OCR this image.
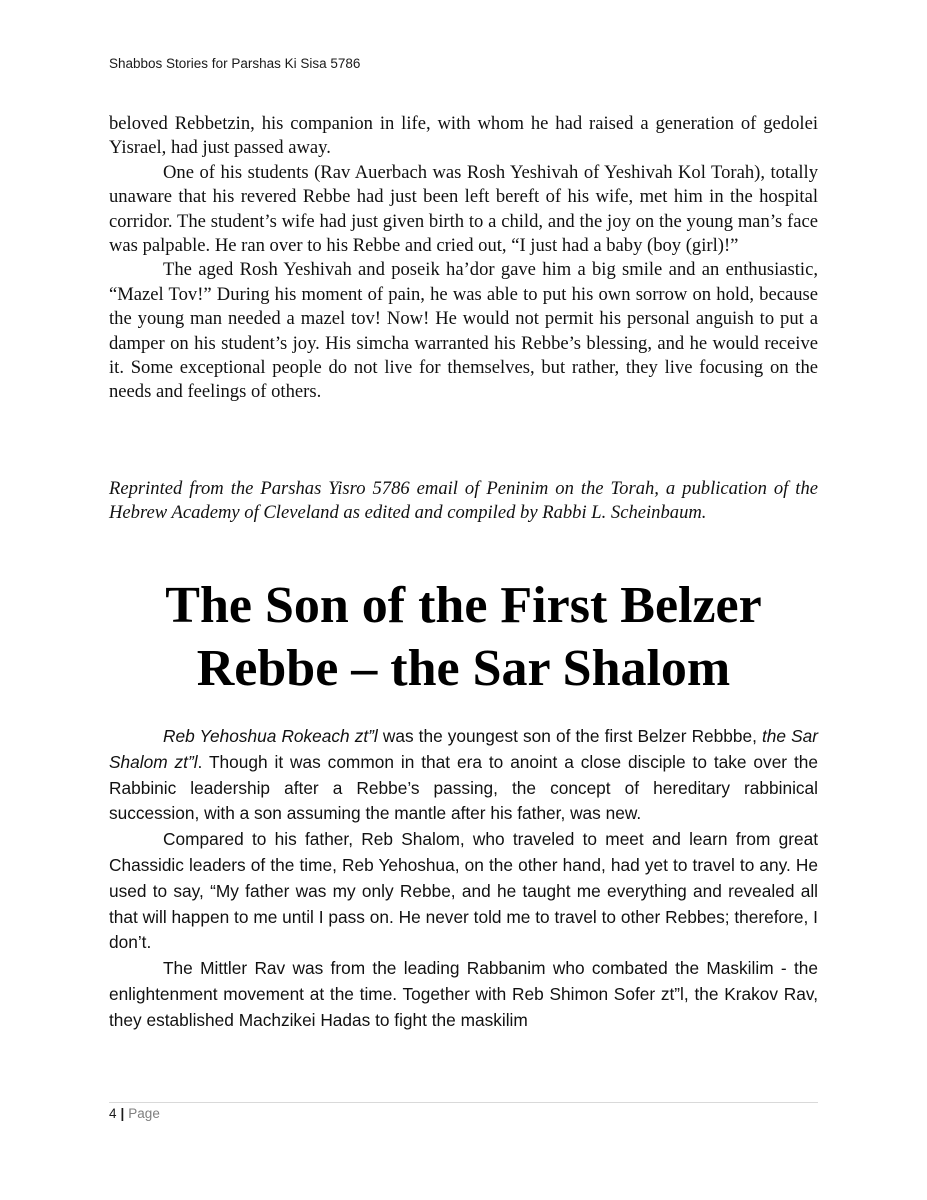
Shabbos Stories for Parshas Ki Sisa 5786

beloved Rebbetzin, his companion in life, with whom he had raised a generation of gedolei Yisrael, had just passed away.

One of his students (Rav Auerbach was Rosh Yeshivah of Yeshivah Kol Torah), totally unaware that his revered Rebbe had just been left bereft of his wife, met him in the hospital corridor. The student’s wife had just given birth to a child, and the joy on the young man’s face was palpable. He ran over to his Rebbe and cried out, “I just had a baby (boy (girl)!”

The aged Rosh Yeshivah and poseik ha’dor gave him a big smile and an enthusiastic, “Mazel Tov!” During his moment of pain, he was able to put his own sorrow on hold, because the young man needed a mazel tov! Now! He would not permit his personal anguish to put a damper on his student’s joy. His simcha warranted his Rebbe’s blessing, and he would receive it. Some exceptional people do not live for themselves, but rather, they live focusing on the needs and feelings of others.

Reprinted from the Parshas Yisro 5786 email of Peninim on the Torah, a publication of the Hebrew Academy of Cleveland as edited and compiled by Rabbi L. Scheinbaum.

The Son of the First Belzer Rebbe – the Sar Shalom

Reb Yehoshua Rokeach zt”l was the youngest son of the first Belzer Rebbbe, the Sar Shalom zt”l. Though it was common in that era to anoint a close disciple to take over the Rabbinic leadership after a Rebbe’s passing, the concept of hereditary rabbinical succession, with a son assuming the mantle after his father, was new.

Compared to his father, Reb Shalom, who traveled to meet and learn from great Chassidic leaders of the time, Reb Yehoshua, on the other hand, had yet to travel to any. He used to say, “My father was my only Rebbe, and he taught me everything and revealed all that will happen to me until I pass on. He never told me to travel to other Rebbes; therefore, I don’t.

The Mittler Rav was from the leading Rabbanim who combated the Maskilim - the enlightenment movement at the time. Together with Reb Shimon Sofer zt”l, the Krakov Rav, they established Machzikei Hadas to fight the maskilim

4 | Page
